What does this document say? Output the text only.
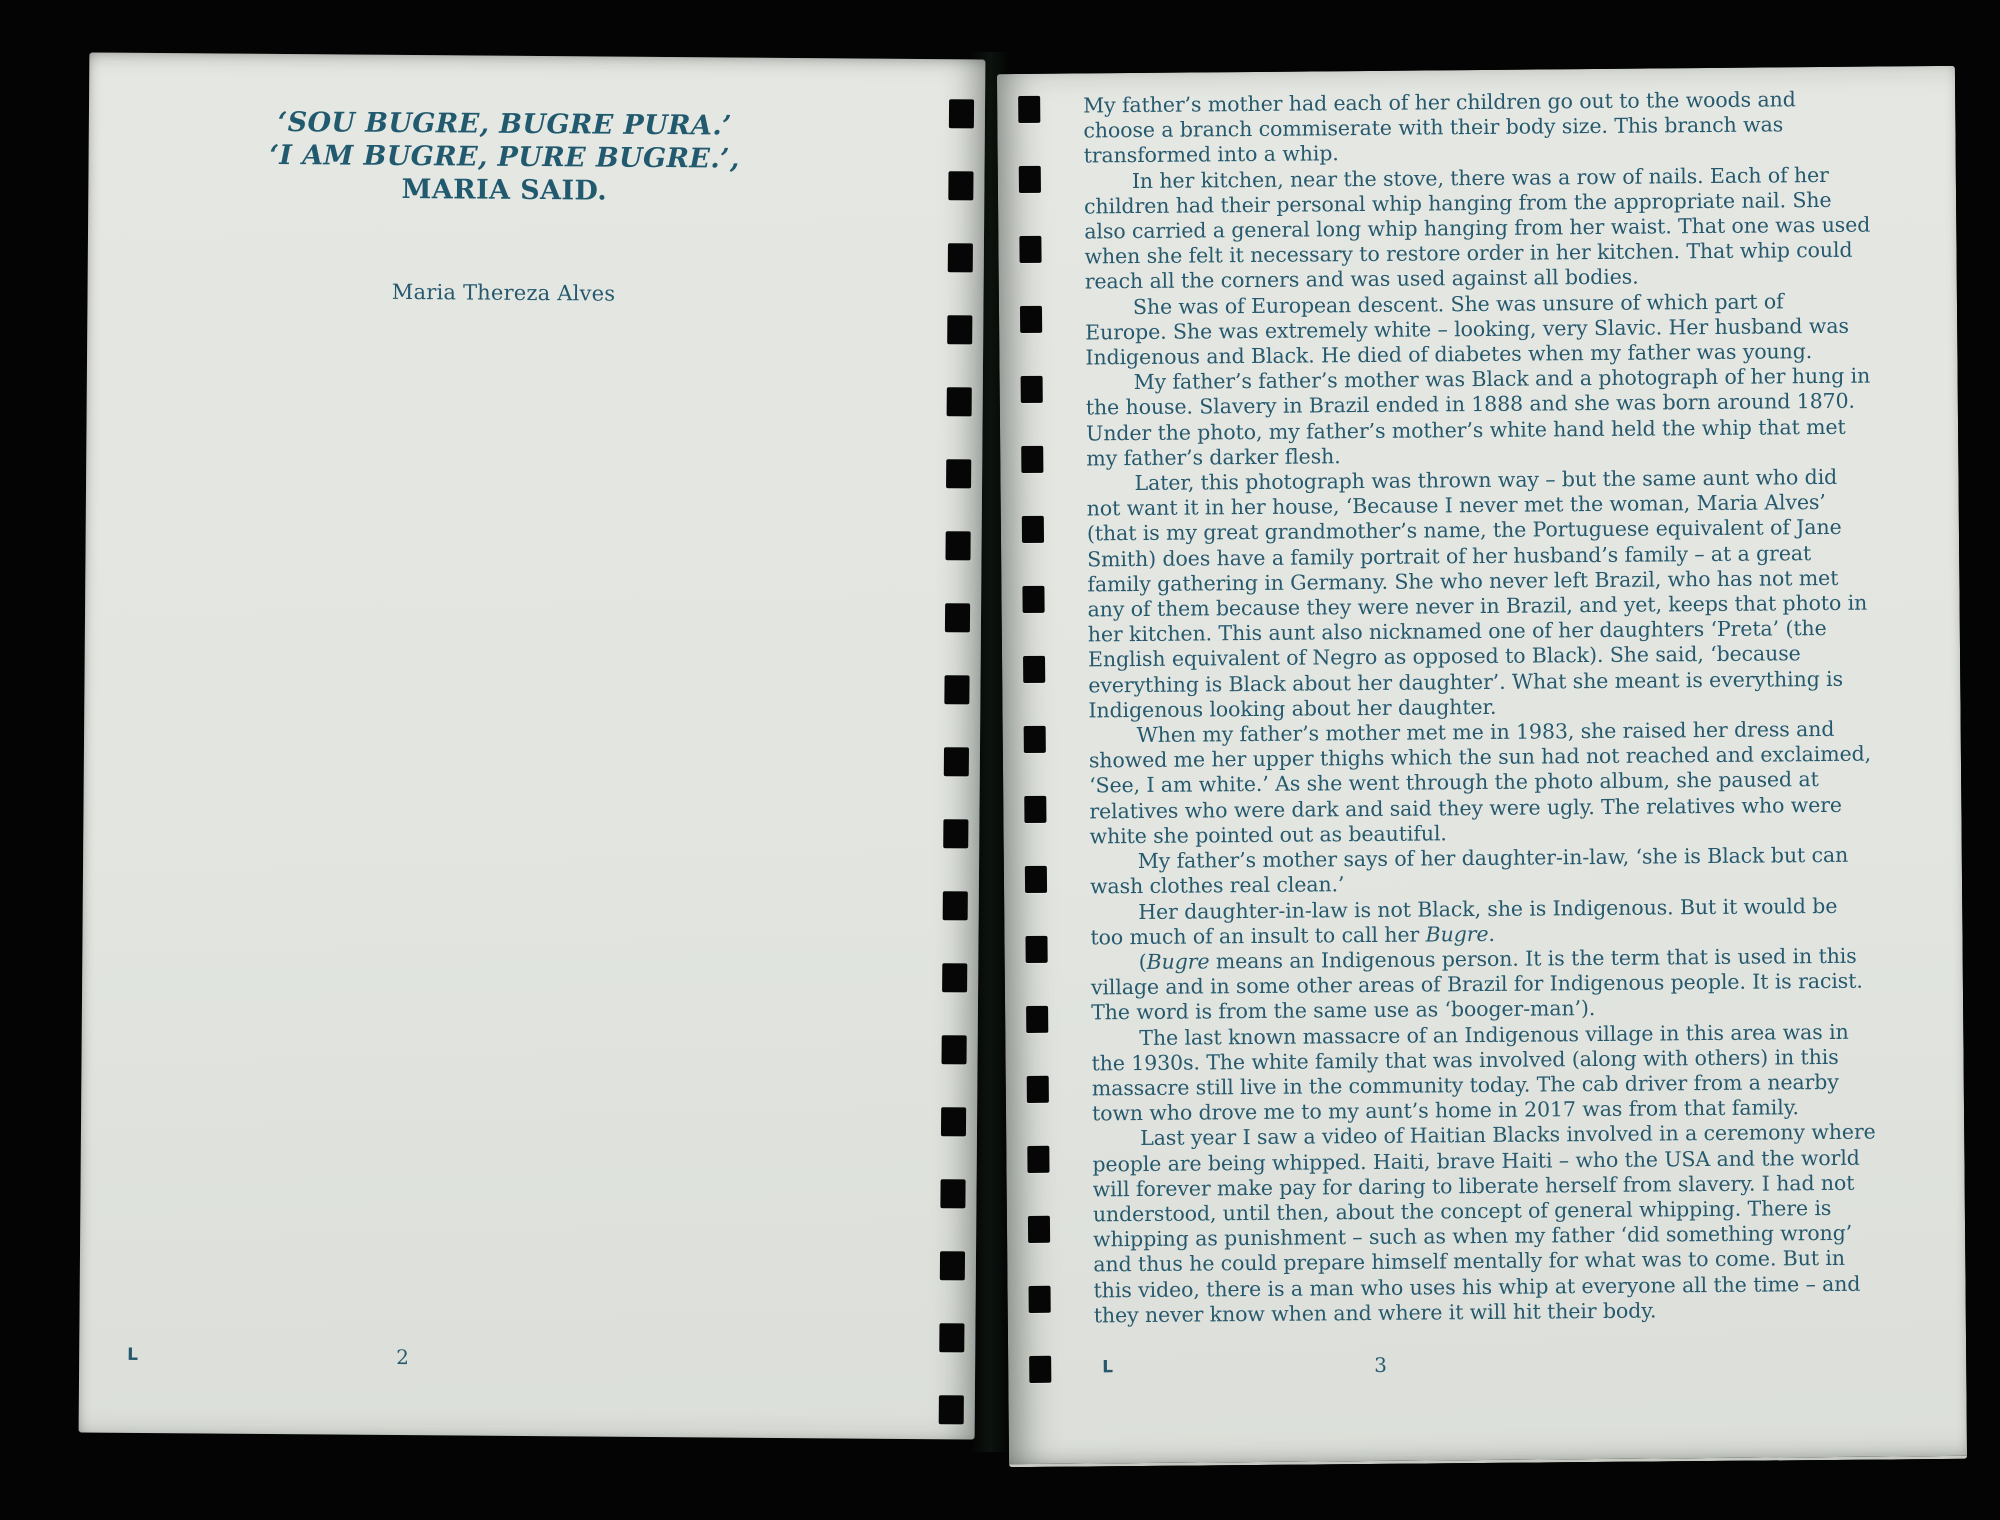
‘SOU BUGRE, BUGRE PURA.’
‘I AM BUGRE, PURE BUGRE.’,
MARIA SAID.
Maria Thereza Alves
L	2

My father’s mother had each of her children go out to the woods and choose a branch commiserate with their body size. This branch was transformed into a whip.

In her kitchen, near the stove, there was a row of nails. Each of her children had their personal whip hanging from the appropriate nail. She also carried a general long whip hanging from her waist. That one was used when she felt it necessary to restore order in her kitchen. That whip could reach all the corners and was used against all bodies.

She was of European descent. She was unsure of which part of Europe. She was extremely white – looking, very Slavic. Her husband was Indigenous and Black. He died of diabetes when my father was young.

My father’s father’s mother was Black and a photograph of her hung in the house. Slavery in Brazil ended in 1888 and she was born around 1870. Under the photo, my father’s mother’s white hand held the whip that met my father’s darker flesh.

Later, this photograph was thrown way – but the same aunt who did not want it in her house, ‘Because I never met the woman, Maria Alves’ (that is my great grandmother’s name, the Portuguese equivalent of Jane Smith) does have a family portrait of her husband’s family – at a great family gathering in Germany. She who never left Brazil, who has not met any of them because they were never in Brazil, and yet, keeps that photo in her kitchen. This aunt also nicknamed one of her daughters ‘Preta’ (the English equivalent of Negro as opposed to Black). She said, ‘because everything is Black about her daughter’. What she meant is everything is Indigenous looking about her daughter.

When my father’s mother met me in 1983, she raised her dress and showed me her upper thighs which the sun had not reached and exclaimed, ‘See, I am white.’ As she went through the photo album, she paused at relatives who were dark and said they were ugly. The relatives who were white she pointed out as beautiful.

My father’s mother says of her daughter-in-law, ‘she is Black but can wash clothes real clean.’

Her daughter-in-law is not Black, she is Indigenous. But it would be too much of an insult to call her Bugre.

(Bugre means an Indigenous person. It is the term that is used in this village and in some other areas of Brazil for Indigenous people. It is racist. The word is from the same use as ‘booger-man’).

The last known massacre of an Indigenous village in this area was in the 1930s. The white family that was involved (along with others) in this massacre still live in the community today. The cab driver from a nearby town who drove me to my aunt’s home in 2017 was from that family.

Last year I saw a video of Haitian Blacks involved in a ceremony where people are being whipped. Haiti, brave Haiti – who the USA and the world will forever make pay for daring to liberate herself from slavery. I had not understood, until then, about the concept of general whipping. There is whipping as punishment – such as when my father ‘did something wrong’ and thus he could prepare himself mentally for what was to come. But in this video, there is a man who uses his whip at everyone all the time – and they never know when and where it will hit their body.

L	3
